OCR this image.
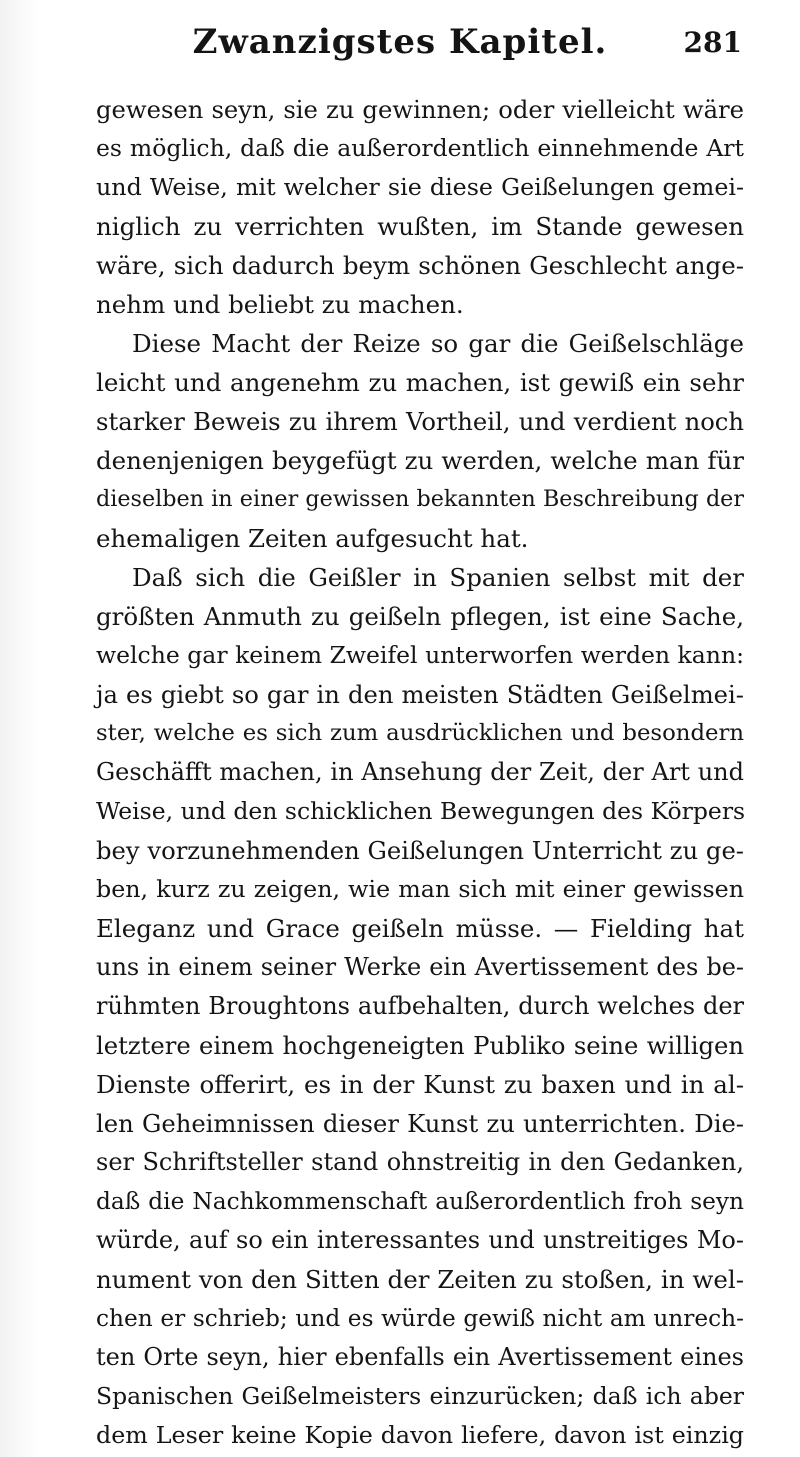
Zwanzigstes Kapitel.	281
gewesen seyn, sie zu gewinnen; oder vielleicht wäre
es möglich, daß die außerordentlich einnehmende Art
und Weise, mit welcher sie diese Geißelungen gemei-
niglich zu verrichten wußten, im Stande gewesen
wäre, sich dadurch beym schönen Geschlecht ange-
nehm und beliebt zu machen.
Diese Macht der Reize so gar die Geißelschläge
leicht und angenehm zu machen, ist gewiß ein sehr
starker Beweis zu ihrem Vortheil, und verdient noch
denenjenigen beygefügt zu werden, welche man für
dieselben in einer gewissen bekannten Beschreibung der
ehemaligen Zeiten aufgesucht hat.
Daß sich die Geißler in Spanien selbst mit der
größten Anmuth zu geißeln pflegen, ist eine Sache,
welche gar keinem Zweifel unterworfen werden kann:
ja es giebt so gar in den meisten Städten Geißelmei-
ster, welche es sich zum ausdrücklichen und besondern
Geschäfft machen, in Ansehung der Zeit, der Art und
Weise, und den schicklichen Bewegungen des Körpers
bey vorzunehmenden Geißelungen Unterricht zu ge-
ben, kurz zu zeigen, wie man sich mit einer gewissen
Eleganz und Grace geißeln müsse. — Fielding hat
uns in einem seiner Werke ein Avertissement des be-
rühmten Broughtons aufbehalten, durch welches der
letztere einem hochgeneigten Publiko seine willigen
Dienste offerirt, es in der Kunst zu baxen und in al-
len Geheimnissen dieser Kunst zu unterrichten. Die-
ser Schriftsteller stand ohnstreitig in den Gedanken,
daß die Nachkommenschaft außerordentlich froh seyn
würde, auf so ein interessantes und unstreitiges Mo-
nument von den Sitten der Zeiten zu stoßen, in wel-
chen er schrieb; und es würde gewiß nicht am unrech-
ten Orte seyn, hier ebenfalls ein Avertissement eines
Spanischen Geißelmeisters einzurücken; daß ich aber
dem Leser keine Kopie davon liefere, davon ist einzig
